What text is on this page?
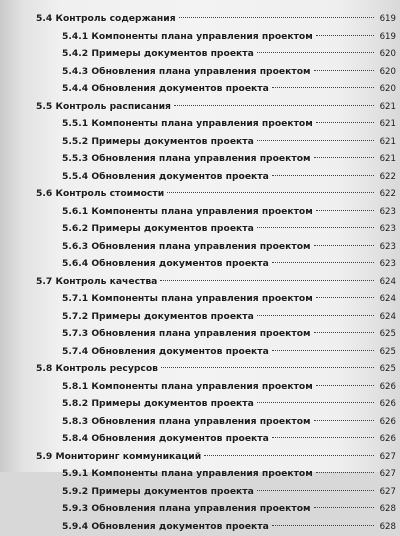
5.4 Контроль содержания	619
5.4.1 Компоненты плана управления проектом	619
5.4.2 Примеры документов проекта	620
5.4.3 Обновления плана управления проектом	620
5.4.4 Обновления документов проекта	620
5.5 Контроль расписания	621
5.5.1 Компоненты плана управления проектом	621
5.5.2 Примеры документов проекта	621
5.5.3 Обновления плана управления проектом	621
5.5.4 Обновления документов проекта	622
5.6 Контроль стоимости	622
5.6.1 Компоненты плана управления проектом	623
5.6.2 Примеры документов проекта	623
5.6.3 Обновления плана управления проектом	623
5.6.4 Обновления документов проекта	623
5.7 Контроль качества	624
5.7.1 Компоненты плана управления проектом	624
5.7.2 Примеры документов проекта	624
5.7.3 Обновления плана управления проектом	625
5.7.4 Обновления документов проекта	625
5.8 Контроль ресурсов	625
5.8.1 Компоненты плана управления проектом	626
5.8.2 Примеры документов проекта	626
5.8.3 Обновления плана управления проектом	626
5.8.4 Обновления документов проекта	626
5.9 Мониторинг коммуникаций	627
5.9.1 Компоненты плана управления проектом	627
5.9.2 Примеры документов проекта	627
5.9.3 Обновления плана управления проектом	628
5.9.4 Обновления документов проекта	628
